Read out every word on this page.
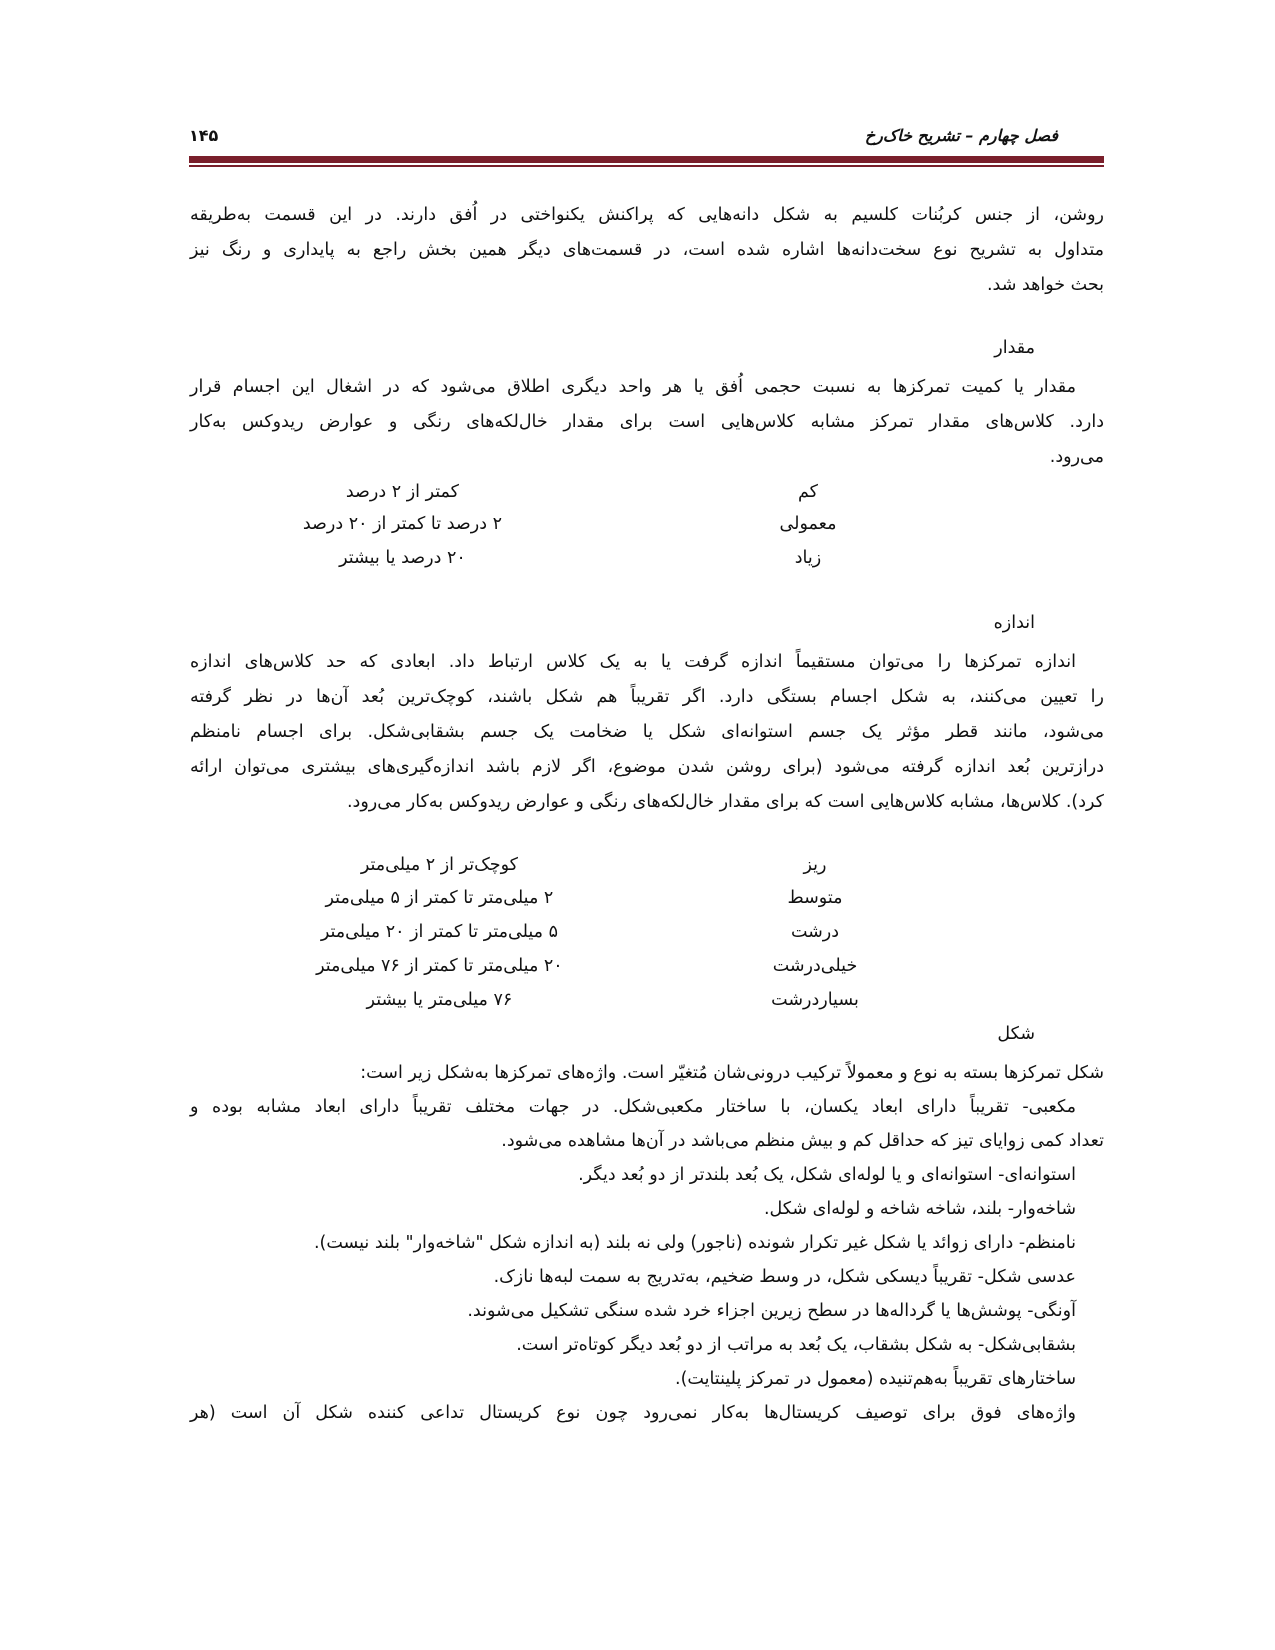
فصل چهارم – تشریح خاک‌رخ
۱۴۵
روشن، از جنس کربُنات کلسیم به شکل دانه‌هایی که پراکنش یکنواختی در اُفق دارند. در این قسمت به‌طریقه
متداول به تشریح نوع سخت‌دانه‌ها اشاره شده است، در قسمت‌های دیگر همین بخش راجع به پایداری و رنگ نیز
بحث خواهد شد.
مقدار
مقدار یا کمیت تمرکزها به نسبت حجمی اُفق یا هر واحد دیگری اطلاق می‌شود که در اشغال این اجسام قرار
دارد. کلاس‌های مقدار تمرکز مشابه کلاس‌هایی است برای مقدار خال‌لکه‌های رنگی و عوارض ریدوکس به‌کار
می‌رود.
کم کمتر از ۲ درصد
معمولی ۲ درصد تا کمتر از ۲۰ درصد
زیاد ۲۰ درصد یا بیشتر
اندازه
اندازه تمرکزها را می‌توان مستقیماً اندازه گرفت یا به یک کلاس ارتباط داد. ابعادی که حد کلاس‌های اندازه
را تعیین می‌کنند، به شکل اجسام بستگی دارد. اگر تقریباً هم شکل باشند، کوچک‌ترین بُعد آن‌ها در نظر گرفته
می‌شود، مانند قطر مؤثر یک جسم استوانه‌ای شکل یا ضخامت یک جسم بشقابی‌شکل. برای اجسام نامنظم
درازترین بُعد اندازه گرفته می‌شود (برای روشن شدن موضوع، اگر لازم باشد اندازه‌گیری‌های بیشتری می‌توان ارائه
کرد). کلاس‌ها، مشابه کلاس‌هایی است که برای مقدار خال‌لکه‌های رنگی و عوارض ریدوکس به‌کار می‌رود.
ریز کوچک‌تر از ۲ میلی‌متر
متوسط ۲ میلی‌متر تا کمتر از ۵ میلی‌متر
درشت ۵ میلی‌متر تا کمتر از ۲۰ میلی‌متر
خیلی‌درشت ۲۰ میلی‌متر تا کمتر از ۷۶ میلی‌متر
بسیاردرشت ۷۶ میلی‌متر یا بیشتر
شکل
شکل تمرکزها بسته به نوع و معمولاً ترکیب درونی‌شان مُتغیّر است. واژه‌های تمرکزها به‌شکل زیر است:
مکعبی- تقریباً دارای ابعاد یکسان، با ساختار مکعبی‌شکل. در جهات مختلف تقریباً دارای ابعاد مشابه بوده و
تعداد کمی زوایای تیز که حداقل کم و بیش منظم می‌باشد در آن‌ها مشاهده می‌شود.
استوانه‌ای- استوانه‌ای و یا لوله‌ای شکل، یک بُعد بلندتر از دو بُعد دیگر.
شاخه‌وار- بلند، شاخه شاخه و لوله‌ای شکل.
نامنظم- دارای زوائد یا شکل غیر تکرار شونده (ناجور) ولی نه بلند (به اندازه شکل "شاخه‌وار" بلند نیست).
عدسی شکل- تقریباً دیسکی شکل، در وسط ضخیم، به‌تدریج به سمت لبه‌ها نازک.
آونگی- پوشش‌ها یا گرداله‌ها در سطح زیرین اجزاء خرد شده سنگی تشکیل می‌شوند.
بشقابی‌شکل- به شکل بشقاب، یک بُعد به مراتب از دو بُعد دیگر کوتاه‌تر است.
ساختارهای تقریباً به‌هم‌تنیده (معمول در تمرکز پلینتایت).
واژه‌های فوق برای توصیف کریستال‌ها به‌کار نمی‌رود چون نوع کریستال تداعی کننده شکل آن است (هر
